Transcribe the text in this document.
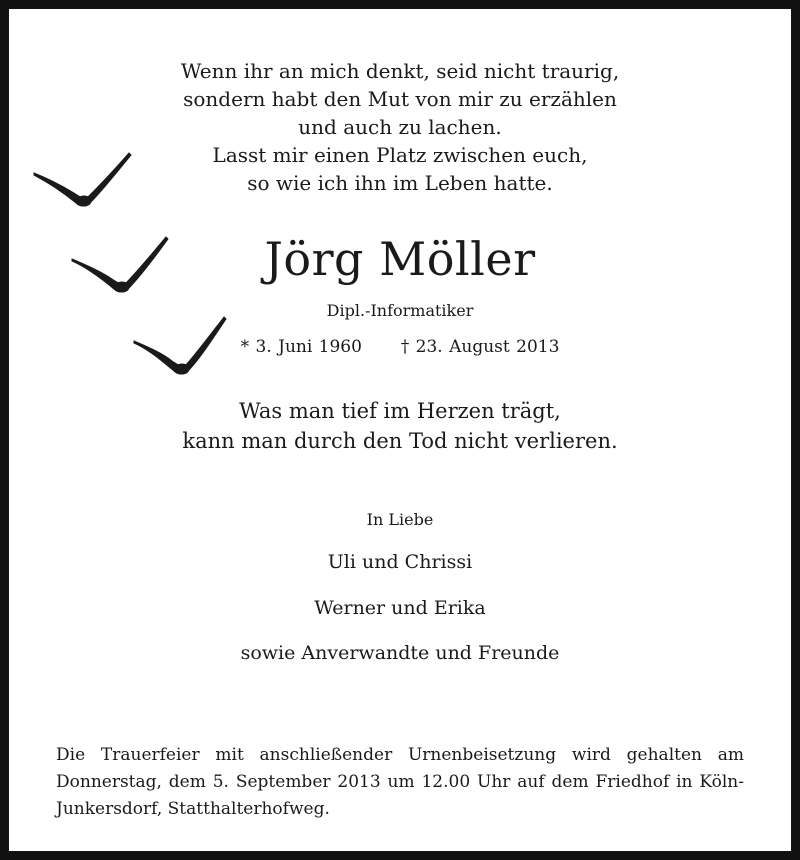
Wenn ihr an mich denkt, seid nicht traurig,
sondern habt den Mut von mir zu erzählen
und auch zu lachen.
Lasst mir einen Platz zwischen euch,
so wie ich ihn im Leben hatte.
Jörg Möller
Dipl.-Informatiker
* 3. Juni 1960 † 23. August 2013
Was man tief im Herzen trägt,
kann man durch den Tod nicht verlieren.
In Liebe
Uli und Chrissi
Werner und Erika
sowie Anverwandte und Freunde
Die Trauerfeier mit anschließender Urnenbeisetzung wird gehalten am Donnerstag, dem 5. September 2013 um 12.00 Uhr auf dem Friedhof in Köln-Junkersdorf, Statthalterhofweg.
